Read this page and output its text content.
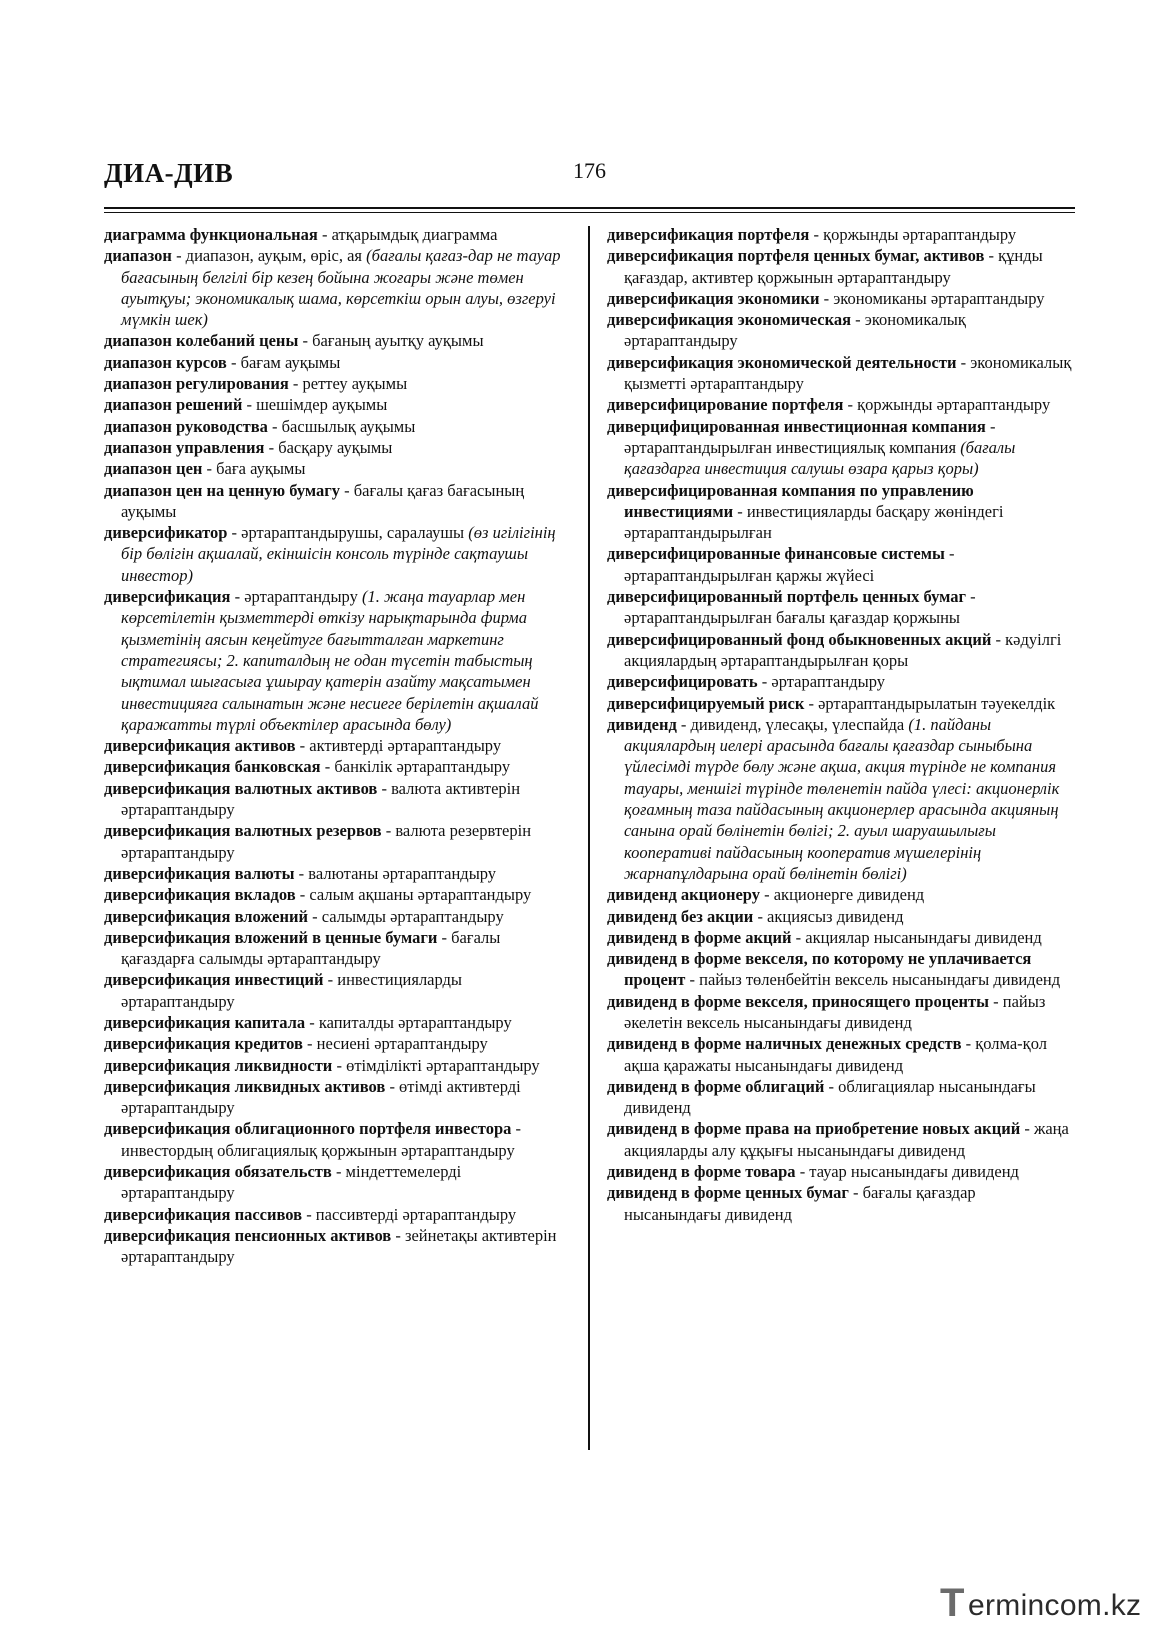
ДИА-ДИВ	176

диаграмма функциональная - атқарымдық диаграмма

диапазон - диапазон, ауқым, өріс, ая (бағалы қағаз-дар не тауар бағасының белгілі бір кезең бойына жоғары және төмен ауытқуы; экономикалық шама, көрсеткіш орын алуы, өзгеруі мүмкін шек)

диапазон колебаний цены - бағаның ауытқу ауқымы

диапазон курсов - бағам ауқымы

диапазон регулирования - реттеу ауқымы

диапазон решений - шешімдер ауқымы

диапазон руководства - басшылық ауқымы

диапазон управления - басқару ауқымы

диапазон цен - баға ауқымы

диапазон цен на ценную бумагу - бағалы қағаз бағасының ауқымы

диверсификатор - әртараптандырушы, саралаушы (өз игілігінің бір бөлігін ақшалай, екіншісін консоль түрінде сақтаушы инвестор)

диверсификация - әртараптандыру (1. жаңа тауарлар мен көрсетілетін қызметтерді өткізу нарықтарында фирма қызметінің аясын кеңейтуге бағытталған маркетинг стратегиясы; 2. капиталдың не одан түсетін табыстың ықтимал шығасыға ұшырау қатерін азайту мақсатымен инвестицияға салынатын және несиеге берілетін ақшалай қаражатты түрлі объектілер арасында бөлу)

диверсификация активов - активтерді әртараптандыру

диверсификация банковская - банкілік әртараптандыру

диверсификация валютных активов - валюта активтерін әртараптандыру

диверсификация валютных резервов - валюта резервтерін әртараптандыру

диверсификация валюты - валютаны әртараптандыру

диверсификация вкладов - салым ақшаны әртараптандыру

диверсификация вложений - салымды әртараптандыру

диверсификация вложений в ценные бумаги - бағалы қағаздарға салымды әртараптандыру

диверсификация инвестиций - инвестицияларды әртараптандыру

диверсификация капитала - капиталды әртараптандыру

диверсификация кредитов - несиені әртараптандыру

диверсификация ликвидности - өтімділікті әртараптандыру

диверсификация ликвидных активов - өтімді активтерді әртараптандыру

диверсификация облигационного портфеля инвестора - инвестордың облигациялық қоржынын әртараптандыру

диверсификация обязательств - міндеттемелерді әртараптандыру

диверсификация пассивов - пассивтерді әртараптандыру

диверсификация пенсионных активов - зейнетақы активтерін әртараптандыру

диверсификация портфеля - қоржынды әртараптандыру

диверсификация портфеля ценных бумаг, активов - құнды қағаздар, активтер қоржынын әртараптандыру

диверсификация экономики - экономиканы әртараптандыру

диверсификация экономическая - экономикалық әртараптандыру

диверсификация экономической деятельности - экономикалық қызметті әртараптандыру

диверсифицирование портфеля - қоржынды әртараптандыру

диверцифицированная инвестиционная компания - әртараптандырылған инвестициялық компания (бағалы қағаздарға инвестиция салушы өзара қарыз қоры)

диверсифицированная компания по управлению инвестициями - инвестицияларды басқару жөніндегі әртараптандырылған

диверсифицированные финансовые системы - әртараптандырылған қаржы жүйесі

диверсифицированный портфель ценных бумаг - әртараптандырылған бағалы қағаздар қоржыны

диверсифицированный фонд обыкновенных акций - кәдуілгі акциялардың әртараптандырылған қоры

диверсифицировать - әртараптандыру

диверсифицируемый риск - әртараптандырылатын тәуекелдік

дивиденд - дивиденд, үлесақы, үлеспайда (1. пайданы акциялардың иелері арасында бағалы қағаздар сыныбына үйлесімді түрде бөлу және ақша, акция түрінде не компания тауары, меншігі түрінде төленетін пайда үлесі: акционерлік қоғамның таза пайдасының акционерлер арасында акцияның санына орай бөлінетін бөлігі; 2. ауыл шаруашылығы кооперативі пайдасының кооператив мүшелерінің жарнапұлдарына орай бөлінетін бөлігі)

дивиденд акционеру - акционерге дивиденд

дивиденд без акции - акциясыз дивиденд

дивиденд в форме акций - акциялар нысанындағы дивиденд

дивиденд в форме векселя, по которому не уплачивается процент - пайыз төленбейтін вексель нысанындағы дивиденд

дивиденд в форме векселя, приносящего проценты - пайыз әкелетін вексель нысанындағы дивиденд

дивиденд в форме наличных денежных средств - қолма-қол ақша қаражаты нысанындағы дивиденд

дивиденд в форме облигаций - облигациялар нысанындағы дивиденд

дивиденд в форме права на приобретение новых акций - жаңа акцияларды алу құқығы нысанындағы дивиденд

дивиденд в форме товара - тауар нысанындағы дивиденд

дивиденд в форме ценных бумаг - бағалы қағаздар нысанындағы дивиденд

T ermincom.kz
